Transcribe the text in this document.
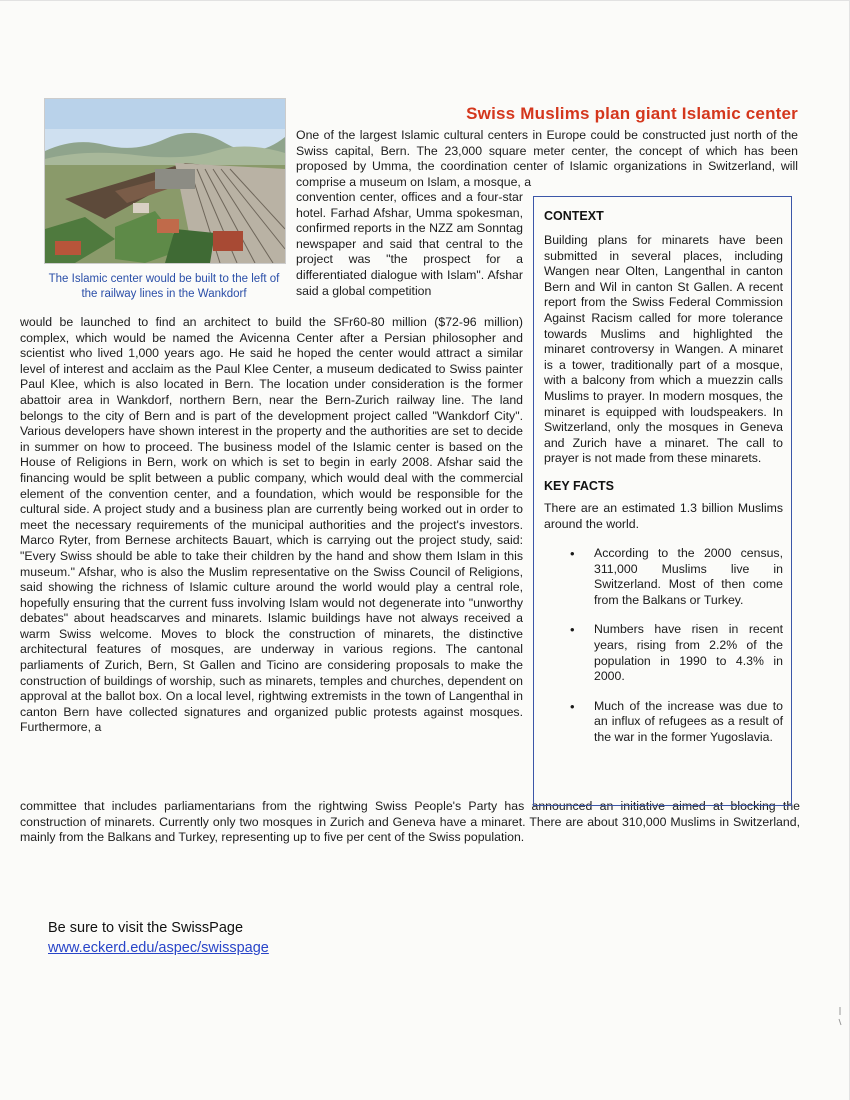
The Islamic center would be built to the left of the railway lines in the Wankdorf
Swiss Muslims plan giant Islamic center
One of the largest Islamic cultural centers in Europe could be constructed just north of the Swiss capital, Bern. The 23,000 square meter center, the concept of which has been proposed by Umma, the coordination center of Islamic organizations in Switzerland, will comprise a museum on Islam, a mosque, a
convention center, offices and a four-star hotel. Farhad Afshar, Umma spokesman, confirmed reports in the NZZ am Sonntag newspaper and said that central to the project was "the prospect for a differentiated dialogue with Islam". Afshar said a global competition
would be launched to find an architect to build the SFr60-80 million ($72-96 million) complex, which would be named the Avicenna Center after a Persian philosopher and scientist who lived 1,000 years ago. He said he hoped the center would attract a similar level of interest and acclaim as the Paul Klee Center, a museum dedicated to Swiss painter Paul Klee, which is also located in Bern. The location under consideration is the former abattoir area in Wankdorf, northern Bern, near the Bern-Zurich railway line. The land belongs to the city of Bern and is part of the development project called "Wankdorf City". Various developers have shown interest in the property and the authorities are set to decide in summer on how to proceed. The business model of the Islamic center is based on the House of Religions in Bern, work on which is set to begin in early 2008. Afshar said the financing would be split between a public company, which would deal with the commercial element of the convention center, and a foundation, which would be responsible for the cultural side. A project study and a business plan are currently being worked out in order to meet the necessary requirements of the municipal authorities and the project's investors. Marco Ryter, from Bernese architects Bauart, which is carrying out the project study, said: "Every Swiss should be able to take their children by the hand and show them Islam in this museum." Afshar, who is also the Muslim representative on the Swiss Council of Religions, said showing the richness of Islamic culture around the world would play a central role, hopefully ensuring that the current fuss involving Islam would not degenerate into "unworthy debates" about headscarves and minarets. Islamic buildings have not always received a warm Swiss welcome. Moves to block the construction of minarets, the distinctive architectural features of mosques, are underway in various regions. The cantonal parliaments of Zurich, Bern, St Gallen and Ticino are considering proposals to make the construction of buildings of worship, such as minarets, temples and churches, dependent on approval at the ballot box. On a local level, rightwing extremists in the town of Langenthal in canton Bern have collected signatures and organized public protests against mosques. Furthermore, a
committee that includes parliamentarians from the rightwing Swiss People's Party has announced an initiative aimed at blocking the construction of minarets. Currently only two mosques in Zurich and Geneva have a minaret. There are about 310,000 Muslims in Switzerland, mainly from the Balkans and Turkey, representing up to five per cent of the Swiss population.
CONTEXT
Building plans for minarets have been submitted in several places, including Wangen near Olten, Langenthal in canton Bern and Wil in canton St Gallen. A recent report from the Swiss Federal Commission Against Racism called for more tolerance towards Muslims and highlighted the minaret controversy in Wangen. A minaret is a tower, traditionally part of a mosque, with a balcony from which a muezzin calls Muslims to prayer. In modern mosques, the minaret is equipped with loudspeakers. In Switzerland, only the mosques in Geneva and Zurich have a minaret. The call to prayer is not made from these minarets.
KEY FACTS
There are an estimated 1.3 billion Muslims around the world.
• According to the 2000 census, 311,000 Muslims live in Switzerland. Most of then come from the Balkans or Turkey.
• Numbers have risen in recent years, rising from 2.2% of the population in 1990 to 4.3% in 2000.
• Much of the increase was due to an influx of refugees as a result of the war in the former Yugoslavia.
Be sure to visit the SwissPage
www.eckerd.edu/aspec/swisspage
